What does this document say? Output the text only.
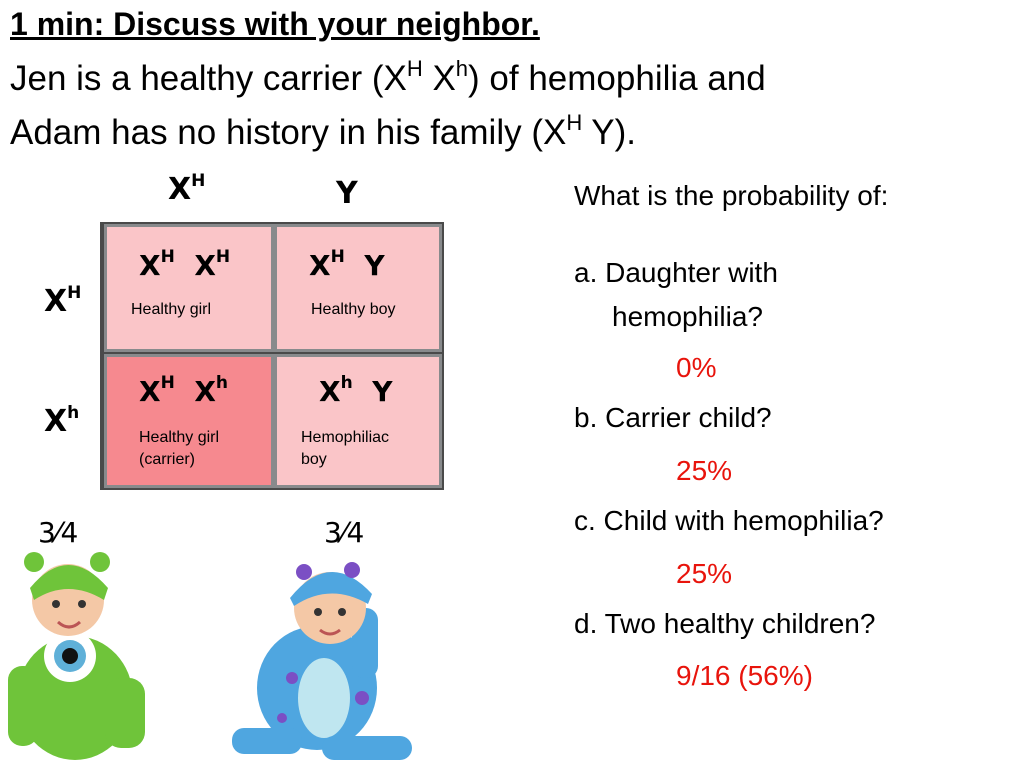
1 min: Discuss with your neighbor.
Jen is a healthy carrier ($X^H$ $X^h$) of hemophilia and
Adam has no history in his family ($X^H$ Y).
$X^H$	Y
$X^H$
$X^h$
$X^H$ $X^H$
Healthy girl
$X^H$ Y
Healthy boy
$X^H$ $X^h$
Healthy girl
(carrier)
$X^h$ Y
Hemophiliac
boy
3⁄4	3⁄4
What is the probability of:
a. Daughter with
hemophilia?
0%
b. Carrier child?
25%
c. Child with hemophilia?
25%
d. Two healthy children?
9/16 (56%)
